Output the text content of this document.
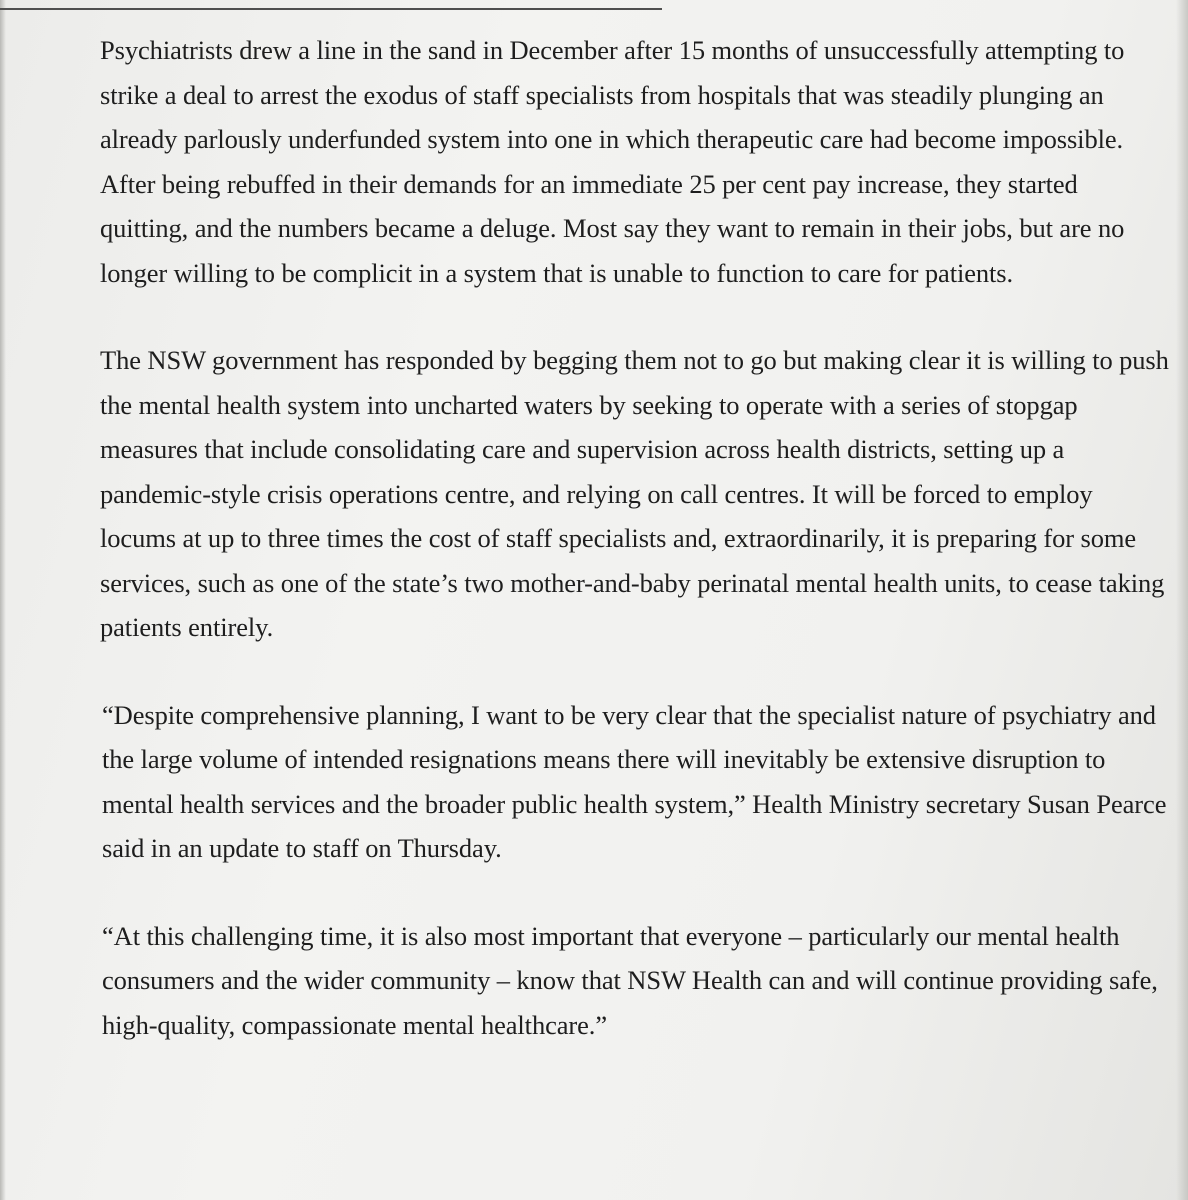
Psychiatrists drew a line in the sand in December after 15 months of unsuccessfully attempting to strike a deal to arrest the exodus of staff specialists from hospitals that was steadily plunging an already parlously underfunded system into one in which therapeutic care had become impossible. After being rebuffed in their demands for an immediate 25 per cent pay increase, they started quitting, and the numbers became a deluge. Most say they want to remain in their jobs, but are no longer willing to be complicit in a system that is unable to function to care for patients.

The NSW government has responded by begging them not to go but making clear it is willing to push the mental health system into uncharted waters by seeking to operate with a series of stopgap measures that include consolidating care and supervision across health districts, setting up a pandemic-style crisis operations centre, and relying on call centres. It will be forced to employ locums at up to three times the cost of staff specialists and, extraordinarily, it is preparing for some services, such as one of the state’s two mother-and-baby perinatal mental health units, to cease taking patients entirely.

“Despite comprehensive planning, I want to be very clear that the specialist nature of psychiatry and the large volume of intended resignations means there will inevitably be extensive disruption to mental health services and the broader public health system,” Health Ministry secretary Susan Pearce said in an update to staff on Thursday.

“At this challenging time, it is also most important that everyone – particularly our mental health consumers and the wider community – know that NSW Health can and will continue providing safe, high-quality, compassionate mental healthcare.”
